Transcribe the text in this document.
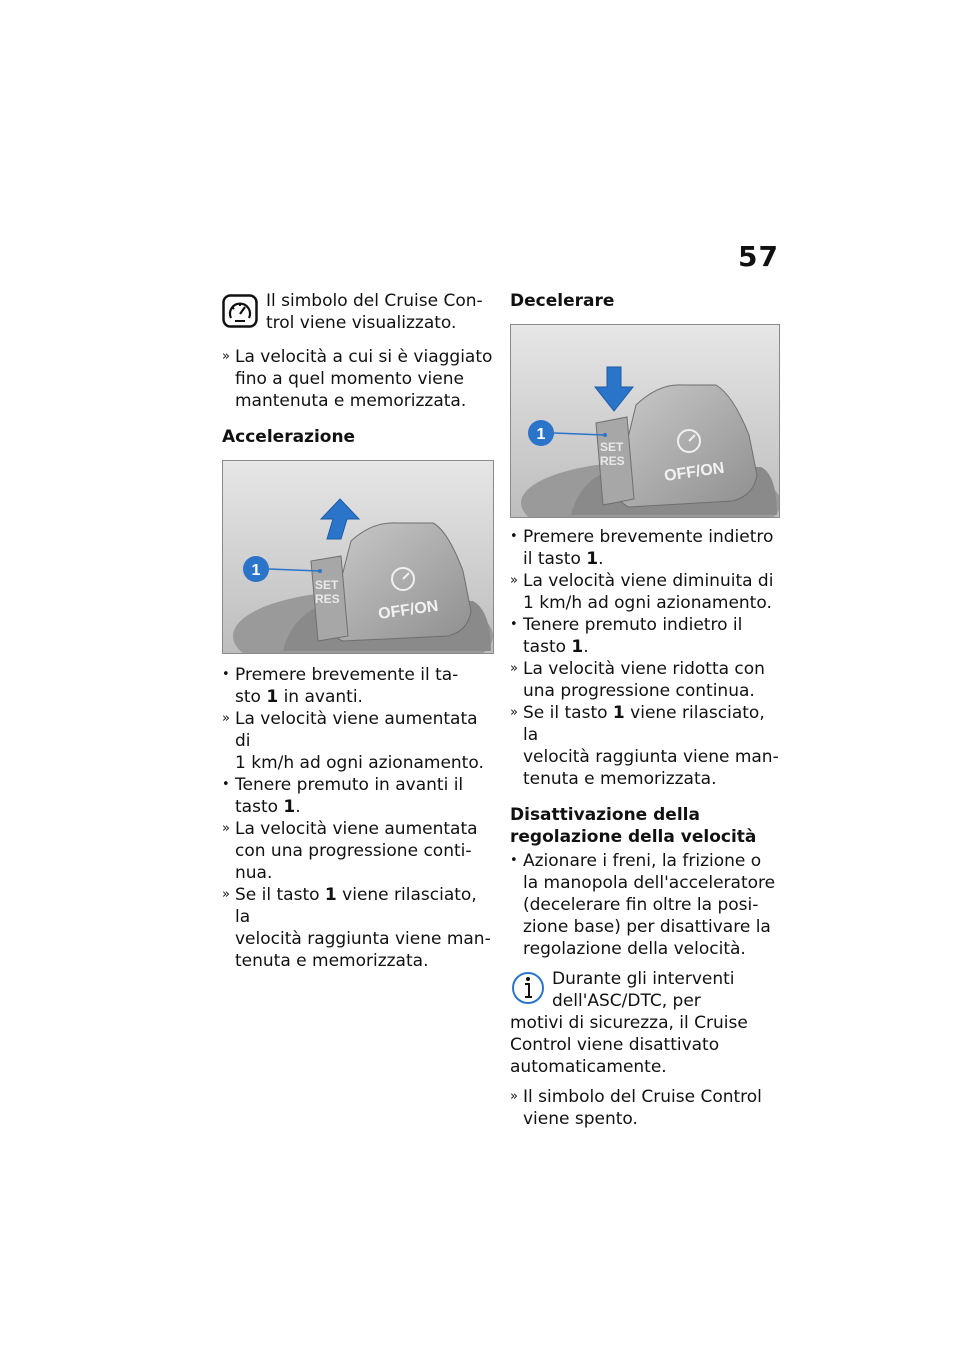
57
Il simbolo del Cruise Con-
trol viene visualizzato.
» La velocità a cui si è viaggiato
fino a quel momento viene
mantenuta e memorizzata.
Accelerazione
1
SET
RES OFF/ON
• Premere brevemente il ta-
sto 1 in avanti.
» La velocità viene aumentata di
1 km/h ad ogni azionamento.
• Tenere premuto in avanti il
tasto 1.
» La velocità viene aumentata
con una progressione conti-
nua.
» Se il tasto 1 viene rilasciato, la
velocità raggiunta viene man-
tenuta e memorizzata.
Decelerare
1
SET
RES OFF/ON
• Premere brevemente indietro
il tasto 1.
» La velocità viene diminuita di
1 km/h ad ogni azionamento.
• Tenere premuto indietro il
tasto 1.
» La velocità viene ridotta con
una progressione continua.
» Se il tasto 1 viene rilasciato, la
velocità raggiunta viene man-
tenuta e memorizzata.
Disattivazione della
regolazione della velocità
• Azionare i freni, la frizione o
la manopola dell'acceleratore
(decelerare fin oltre la posi-
zione base) per disattivare la
regolazione della velocità.
Durante gli interventi
dell'ASC/DTC, per
motivi di sicurezza, il Cruise
Control viene disattivato
automaticamente.
» Il simbolo del Cruise Control
viene spento.
